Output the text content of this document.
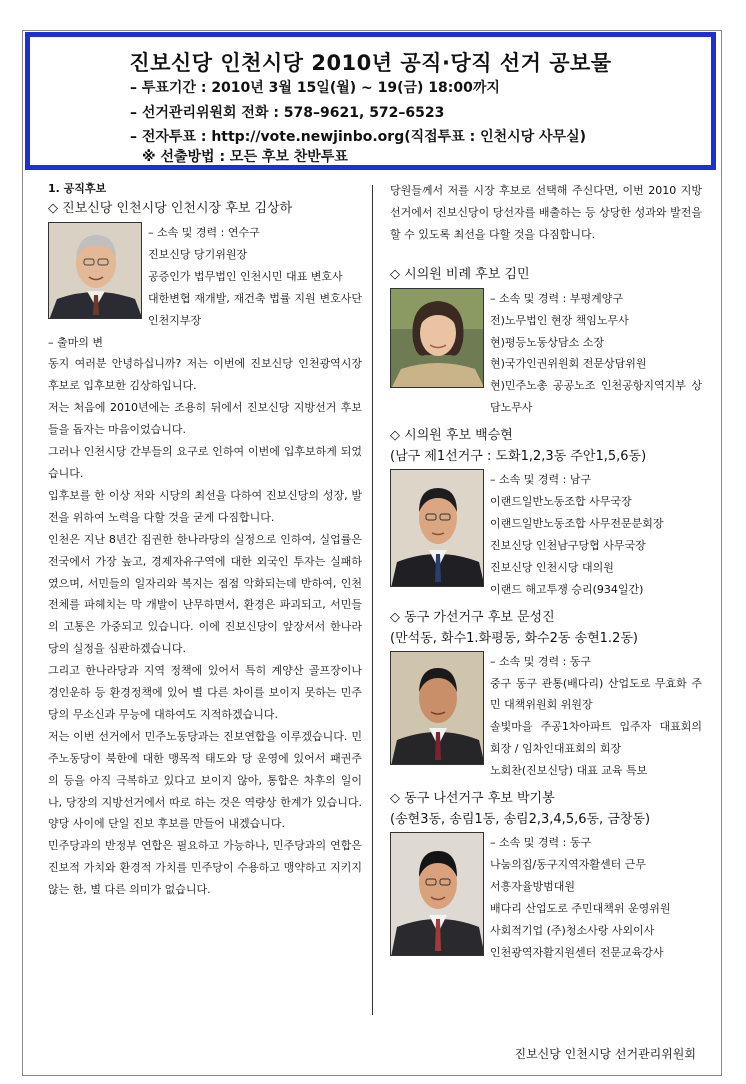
진보신당 인천시당 2010년 공직·당직 선거 공보물
– 투표기간 : 2010년 3월 15일(월) ~ 19(금) 18:00까지
– 선거관리위원회 전화 : 578–9621, 572–6523
– 전자투표 : http://vote.newjinbo.org(직접투표 : 인천시당 사무실)
※ 선출방법 : 모든 후보 찬반투표
1. 공직후보
◇ 진보신당 인천시당 인천시장 후보 김상하
– 소속 및 경력 : 연수구
진보신당 당기위원장
공증인가 법무법인 인천시민 대표 변호사
대한변협 재개발, 재건축 법률 지원 변호사단 인천지부장
– 출마의 변

동지 여러분 안녕하십니까? 저는 이번에 진보신당 인천광역시장 후보로 입후보한 김상하입니다.

저는 처음에 2010년에는 조용히 뒤에서 진보신당 지방선거 후보들을 돕자는 마음이었습니다.

그러나 인천시당 간부들의 요구로 인하여 이번에 입후보하게 되었습니다.

입후보를 한 이상 저와 시당의 최선을 다하여 진보신당의 성장, 발전을 위하여 노력을 다할 것을 굳게 다짐합니다.

인천은 지난 8년간 집권한 한나라당의 실정으로 인하여, 실업률은 전국에서 가장 높고, 경제자유구역에 대한 외국인 투자는 실패하였으며, 서민들의 일자리와 복지는 점점 악화되는데 반하여, 인천 전체를 파헤치는 막 개발이 난무하면서, 환경은 파괴되고, 서민들의 고통은 가중되고 있습니다. 이에 진보신당이 앞장서서 한나라당의 실정을 심판하겠습니다.

그리고 한나라당과 지역 정책에 있어서 특히 계양산 골프장이나 경인운하 등 환경정책에 있어 별 다른 차이를 보이지 못하는 민주당의 무소신과 무능에 대하여도 지적하겠습니다.

저는 이번 선거에서 민주노동당과는 진보연합을 이루겠습니다. 민주노동당이 북한에 대한 맹목적 태도와 당 운영에 있어서 패권주의 등을 아직 극복하고 있다고 보이지 않아, 통합은 차후의 일이나, 당장의 지방선거에서 따로 하는 것은 역량상 한계가 있습니다. 양당 사이에 단일 진보 후보를 만들어 내겠습니다.

민주당과의 반정부 연합은 필요하고 가능하나, 민주당과의 연합은 진보적 가치와 환경적 가치를 민주당이 수용하고 맹약하고 지키지 않는 한, 별 다른 의미가 없습니다.

당원들께서 저를 시장 후보로 선택해 주신다면, 이번 2010 지방선거에서 진보신당이 당선자를 배출하는 등 상당한 성과와 발전을 할 수 있도록 최선을 다할 것을 다짐합니다.

◇ 시의원 비례 후보 김민
– 소속 및 경력 : 부평계양구
전)노무법인 현장 책임노무사
현)평등노동상담소 소장
현)국가인권위원회 전문상담위원
현)민주노총 공공노조 인천공항지역지부 상담노무사
◇ 시의원 후보 백승현
(남구 제1선거구 : 도화1,2,3동 주안1,5,6동)
– 소속 및 경력 : 남구
이랜드일반노동조합 사무국장
이랜드일반노동조합 사무전문분회장
진보신당 인천남구당협 사무국장
진보신당 인천시당 대의원
이랜드 해고투쟁 승리(934일간)
◇ 동구 가선거구 후보 문성진
(만석동, 화수1.화평동, 화수2동 송현1.2동)
– 소속 및 경력 : 동구
중구 동구 관통(배다리) 산업도로 무효화 주민 대책위원회 위원장
솔빛마을 주공1차아파트 입주자 대표회의 회장 / 임차인대표회의 회장
노회찬(진보신당) 대표 교육 특보
◇ 동구 나선거구 후보 박기봉
(송현3동, 송림1동, 송림2,3,4,5,6동, 금창동)
– 소속 및 경력 : 동구
나눔의집/동구지역자활센터 근무
서흥자율방범대원
배다리 산업도로 주민대책위 운영위원
사회적기업 (주)청소사랑 사외이사
인천광역자활지원센터 전문교육강사
진보신당 인천시당 선거관리위원회
